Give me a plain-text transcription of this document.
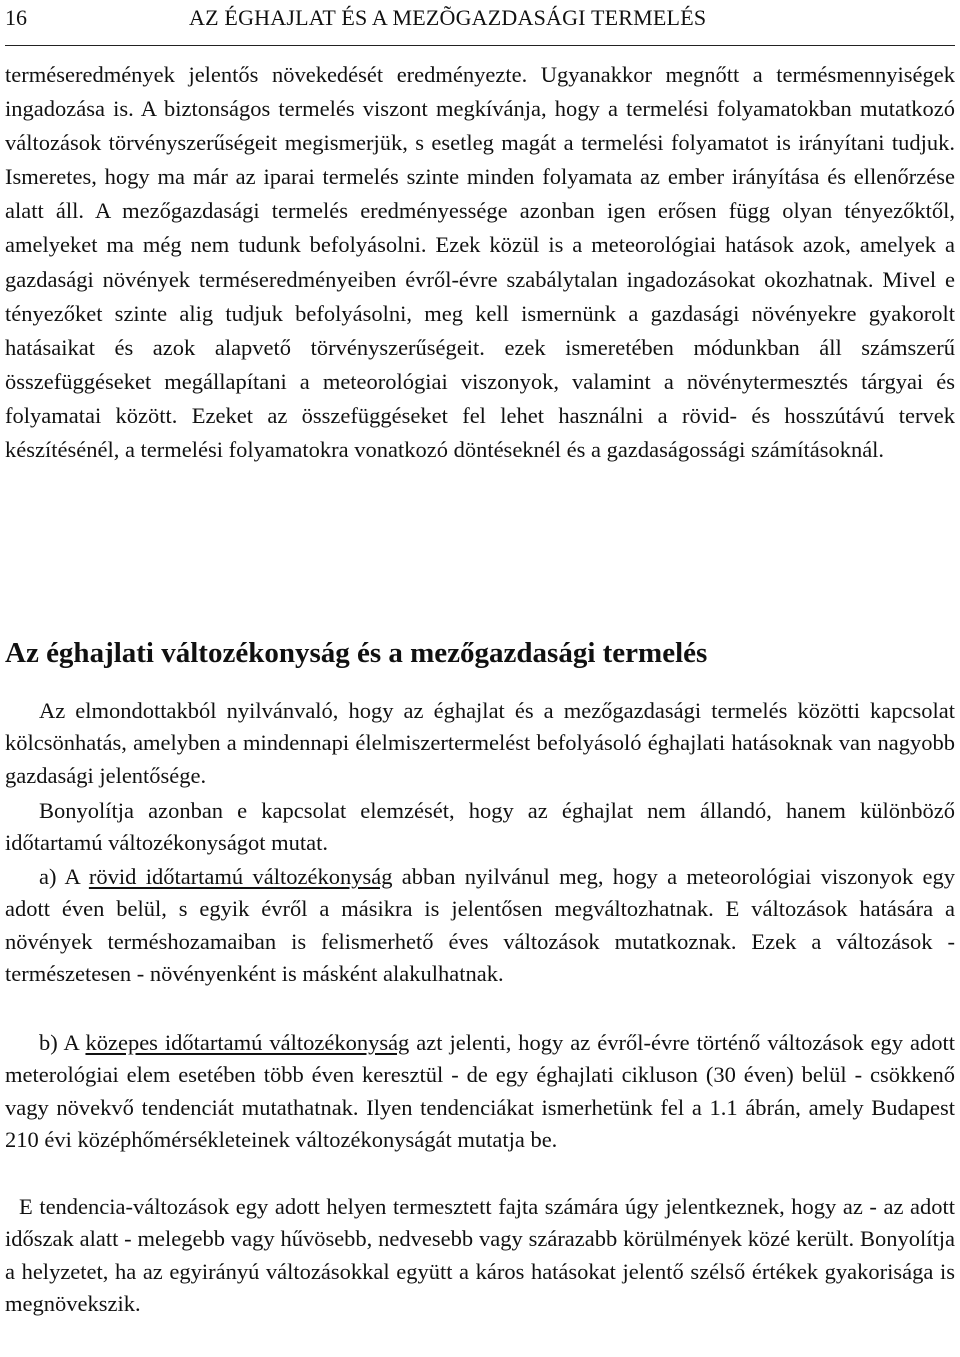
16	AZ ÉGHAJLAT ÉS A MEZÕGAZDASÁGI TERMELÉS

terméseredmények jelentős növekedését eredményezte. Ugyanakkor megnőtt a termésmennyiségek ingadozása is. A biztonságos termelés viszont megkívánja, hogy a termelési folyamatokban mutatkozó változások törvényszerűségeit megismerjük, s esetleg magát a termelési folyamatot is irányítani tudjuk. Ismeretes, hogy ma már az iparai termelés szinte minden folyamata az ember irányítása és ellenőrzése alatt áll. A mezőgazdasági termelés eredményessége azonban igen erősen függ olyan tényezőktől, amelyeket ma még nem tudunk befolyásolni. Ezek közül is a meteorológiai hatások azok, amelyek a gazdasági növények terméseredményeiben évről-évre szabálytalan ingadozásokat okozhatnak. Mivel e tényezőket szinte alig tudjuk befolyásolni, meg kell ismernünk a gazdasági növényekre gyakorolt hatásaikat és azok alapvető törvényszerűségeit. ezek ismeretében módunkban áll számszerű összefüggéseket megállapítani a meteorológiai viszonyok, valamint a növénytermesztés tárgyai és folyamatai között. Ezeket az összefüggéseket fel lehet használni a rövid- és hosszútávú tervek készítésénél, a termelési folyamatokra vonatkozó döntéseknél és a gazdaságossági számításoknál.

Az éghajlati változékonyság és a mezőgazdasági termelés

Az elmondottakból nyilvánvaló, hogy az éghajlat és a mezőgazdasági termelés közötti kapcsolat kölcsönhatás, amelyben a mindennapi élelmiszertermelést befolyásoló éghajlati hatásoknak van nagyobb gazdasági jelentősége.

Bonyolítja azonban e kapcsolat elemzését, hogy az éghajlat nem állandó, hanem különböző időtartamú változékonyságot mutat.

a) A rövid időtartamú változékonyság abban nyilvánul meg, hogy a meteorológiai viszonyok egy adott éven belül, s egyik évről a másikra is jelentősen megváltozhatnak. E változások hatására a növények terméshozamaiban is felismerhető éves változások mutatkoznak. Ezek a változások - természetesen - növényenként is másként alakulhatnak.

b) A közepes időtartamú változékonyság azt jelenti, hogy az évről-évre történő változások egy adott meterológiai elem esetében több éven keresztül - de egy éghajlati cikluson (30 éven) belül - csökkenő vagy növekvő tendenciát mutathatnak. Ilyen tendenciákat ismerhetünk fel a 1.1 ábrán, amely Budapest 210 évi középhőmérsékleteinek változékonyságát mutatja be.

E tendencia-változások egy adott helyen termesztett fajta számára úgy jelentkeznek, hogy az - az adott időszak alatt - melegebb vagy hűvösebb, nedvesebb vagy szárazabb körülmények közé került. Bonyolítja a helyzetet, ha az egyirányú változásokkal együtt a káros hatásokat jelentő szélső értékek gyakorisága is megnövekszik.
